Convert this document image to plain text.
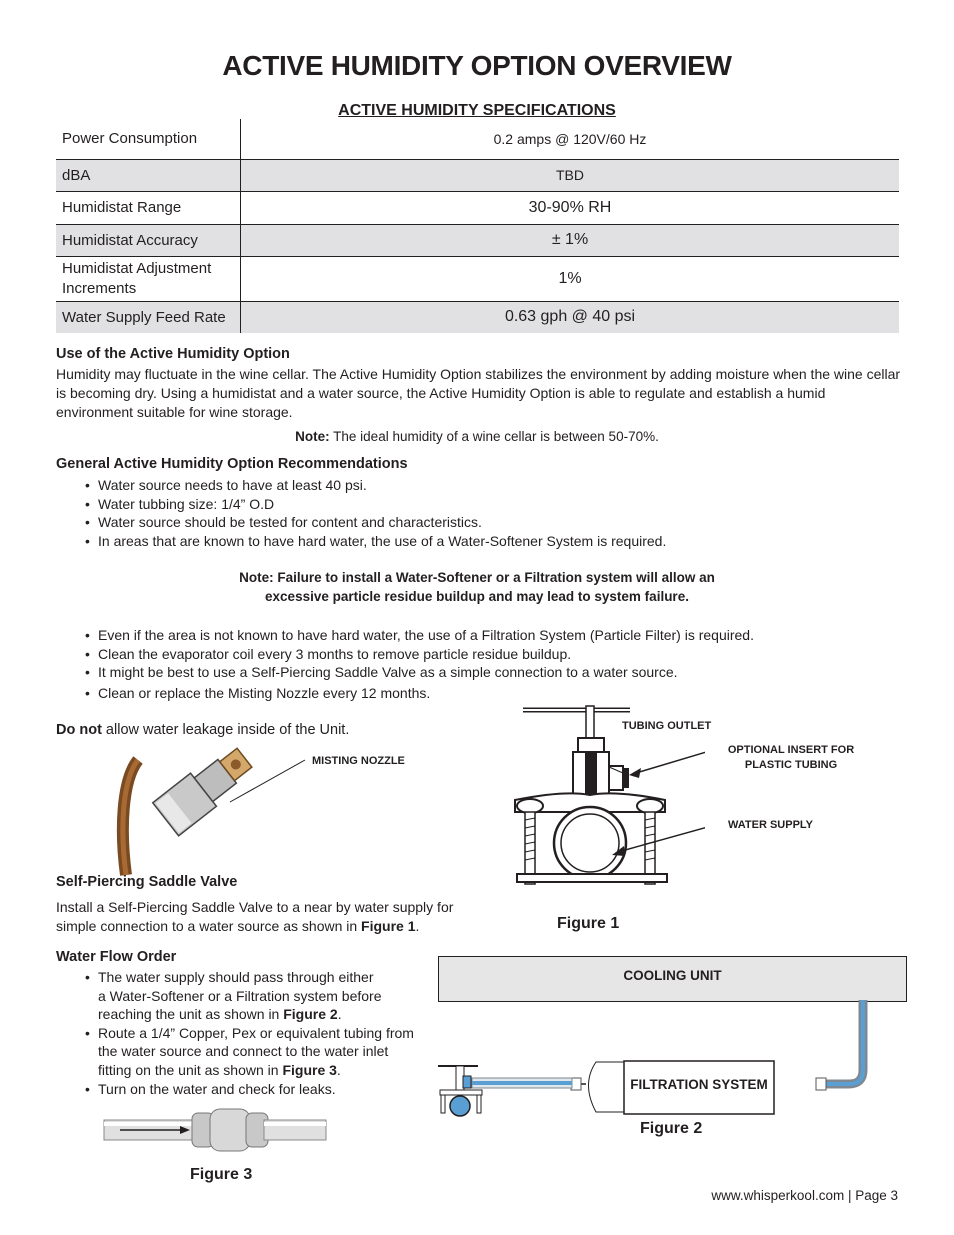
ACTIVE HUMIDITY OPTION OVERVIEW
ACTIVE HUMIDITY SPECIFICATIONS
Power Consumption	0.2 amps @ 120V/60 Hz
dBA	TBD
Humidistat Range	30-90% RH
Humidistat Accuracy	± 1%
Humidistat Adjustment Increments	1%
Water Supply Feed Rate	0.63 gph @ 40 psi
Use of the Active Humidity Option
Humidity may fluctuate in the wine cellar. The Active Humidity Option stabilizes the environment by adding moisture when the wine cellar is becoming dry. Using a humidistat and a water source, the Active Humidity Option is able to regulate and establish a humid environment suitable for wine storage.
Note: The ideal humidity of a wine cellar is between 50-70%.
General Active Humidity Option Recommendations
• Water source needs to have at least 40 psi.
• Water tubbing size: 1/4” O.D
• Water source should be tested for content and characteristics.
• In areas that are known to have hard water, the use of a Water-Softener System is required.
Note: Failure to install a Water-Softener or a Filtration system will allow an
excessive particle residue buildup and may lead to system failure.
• Even if the area is not known to have hard water, the use of a Filtration System (Particle Filter) is required.
• Clean the evaporator coil every 3 months to remove particle residue buildup.
• It might be best to use a Self-Piercing Saddle Valve as a simple connection to a water source.
• Clean or replace the Misting Nozzle every 12 months.
Do not allow water leakage inside of the Unit.
MISTING NOZZLE
Self-Piercing Saddle Valve
Install a Self-Piercing Saddle Valve to a near by water supply for simple connection to a water source as shown in Figure 1.
TUBING OUTLET
OPTIONAL INSERT FOR
PLASTIC TUBING
WATER SUPPLY
Figure 1
Water Flow Order
• The water supply should pass through either
a Water-Softener or a Filtration system before
reaching the unit as shown in Figure 2.
• Route a 1/4” Copper, Pex or equivalent tubing from
the water source and connect to the water inlet
fitting on the unit as shown in Figure 3.
• Turn on the water and check for leaks.
Figure 3
COOLING UNIT
FILTRATION SYSTEM
Figure 2
www.whisperkool.com | Page 3
